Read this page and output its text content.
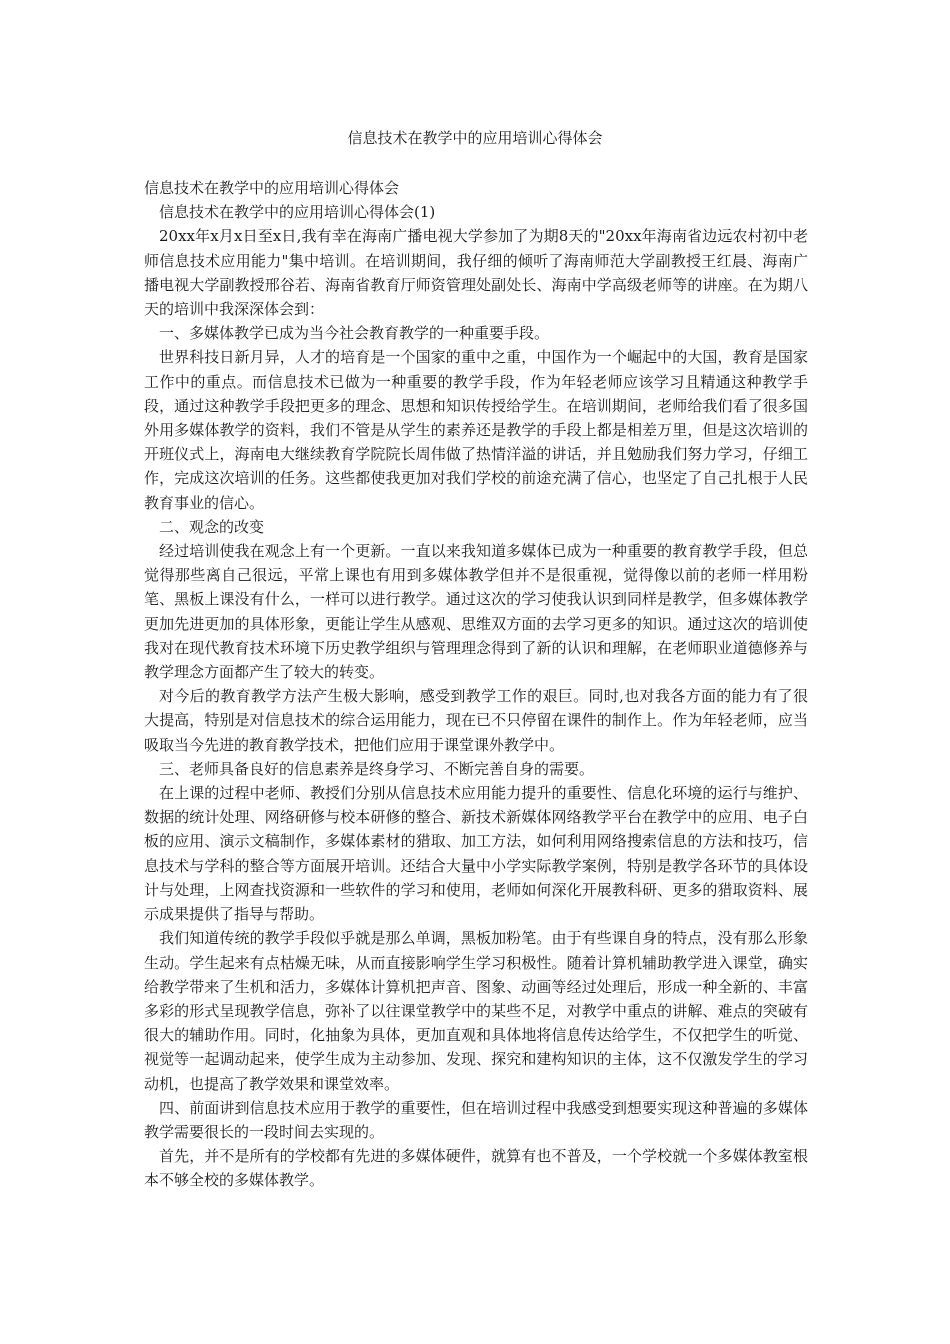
信息技术在教学中的应用培训心得体会

信息技术在教学中的应用培训心得体会

信息技术在教学中的应用培训心得体会(1)

20xx年x月x日至x日,我有幸在海南广播电视大学参加了为期8天的"20xx年海南省边远农村初中老师信息技术应用能力"集中培训。在培训期间，我仔细的倾听了海南师范大学副教授王红晨、海南广播电视大学副教授邢谷若、海南省教育厅师资管理处副处长、海南中学高级老师等的讲座。在为期八天的培训中我深深体会到：

一、多媒体教学已成为当今社会教育教学的一种重要手段。

世界科技日新月异，人才的培育是一个国家的重中之重，中国作为一个崛起中的大国，教育是国家工作中的重点。而信息技术已做为一种重要的教学手段，作为年轻老师应该学习且精通这种教学手段，通过这种教学手段把更多的理念、思想和知识传授给学生。在培训期间，老师给我们看了很多国外用多媒体教学的资料，我们不管是从学生的素养还是教学的手段上都是相差万里，但是这次培训的开班仪式上，海南电大继续教育学院院长周伟做了热情洋溢的讲话，并且勉励我们努力学习，仔细工作，完成这次培训的任务。这些都使我更加对我们学校的前途充满了信心，也坚定了自己扎根于人民教育事业的信心。

二、观念的改变

经过培训使我在观念上有一个更新。一直以来我知道多媒体已成为一种重要的教育教学手段，但总觉得那些离自己很远，平常上课也有用到多媒体教学但并不是很重视，觉得像以前的老师一样用粉笔、黑板上课没有什么，一样可以进行教学。通过这次的学习使我认识到同样是教学，但多媒体教学更加先进更加的具体形象，更能让学生从感观、思维双方面的去学习更多的知识。通过这次的培训使我对在现代教育技术环境下历史教学组织与管理理念得到了新的认识和理解，在老师职业道德修养与教学理念方面都产生了较大的转变。

对今后的教育教学方法产生极大影响，感受到教学工作的艰巨。同时,也对我各方面的能力有了很大提高，特别是对信息技术的综合运用能力，现在已不只停留在课件的制作上。作为年轻老师，应当吸取当今先进的教育教学技术，把他们应用于课堂课外教学中。

三、老师具备良好的信息素养是终身学习、不断完善自身的需要。

在上课的过程中老师、教授们分别从信息技术应用能力提升的重要性、信息化环境的运行与维护、数据的统计处理、网络研修与校本研修的整合、新技术新媒体网络教学平台在教学中的应用、电子白板的应用、演示文稿制作，多媒体素材的猎取、加工方法，如何利用网络搜索信息的方法和技巧，信息技术与学科的整合等方面展开培训。还结合大量中小学实际教学案例，特别是教学各环节的具体设计与处理，上网查找资源和一些软件的学习和使用，老师如何深化开展教科研、更多的猎取资料、展示成果提供了指导与帮助。

我们知道传统的教学手段似乎就是那么单调，黑板加粉笔。由于有些课自身的特点，没有那么形象生动。学生起来有点枯燥无味，从而直接影响学生学习积极性。随着计算机辅助教学进入课堂，确实给教学带来了生机和活力，多媒体计算机把声音、图象、动画等经过处理后，形成一种全新的、丰富多彩的形式呈现教学信息，弥补了以往课堂教学中的某些不足，对教学中重点的讲解、难点的突破有很大的辅助作用。同时，化抽象为具体，更加直观和具体地将信息传达给学生，不仅把学生的听觉、视觉等一起调动起来，使学生成为主动参加、发现、探究和建构知识的主体，这不仅激发学生的学习动机，也提高了教学效果和课堂效率。

四、前面讲到信息技术应用于教学的重要性，但在培训过程中我感受到想要实现这种普遍的多媒体教学需要很长的一段时间去实现的。

首先，并不是所有的学校都有先进的多媒体硬件，就算有也不普及，一个学校就一个多媒体教室根本不够全校的多媒体教学。
